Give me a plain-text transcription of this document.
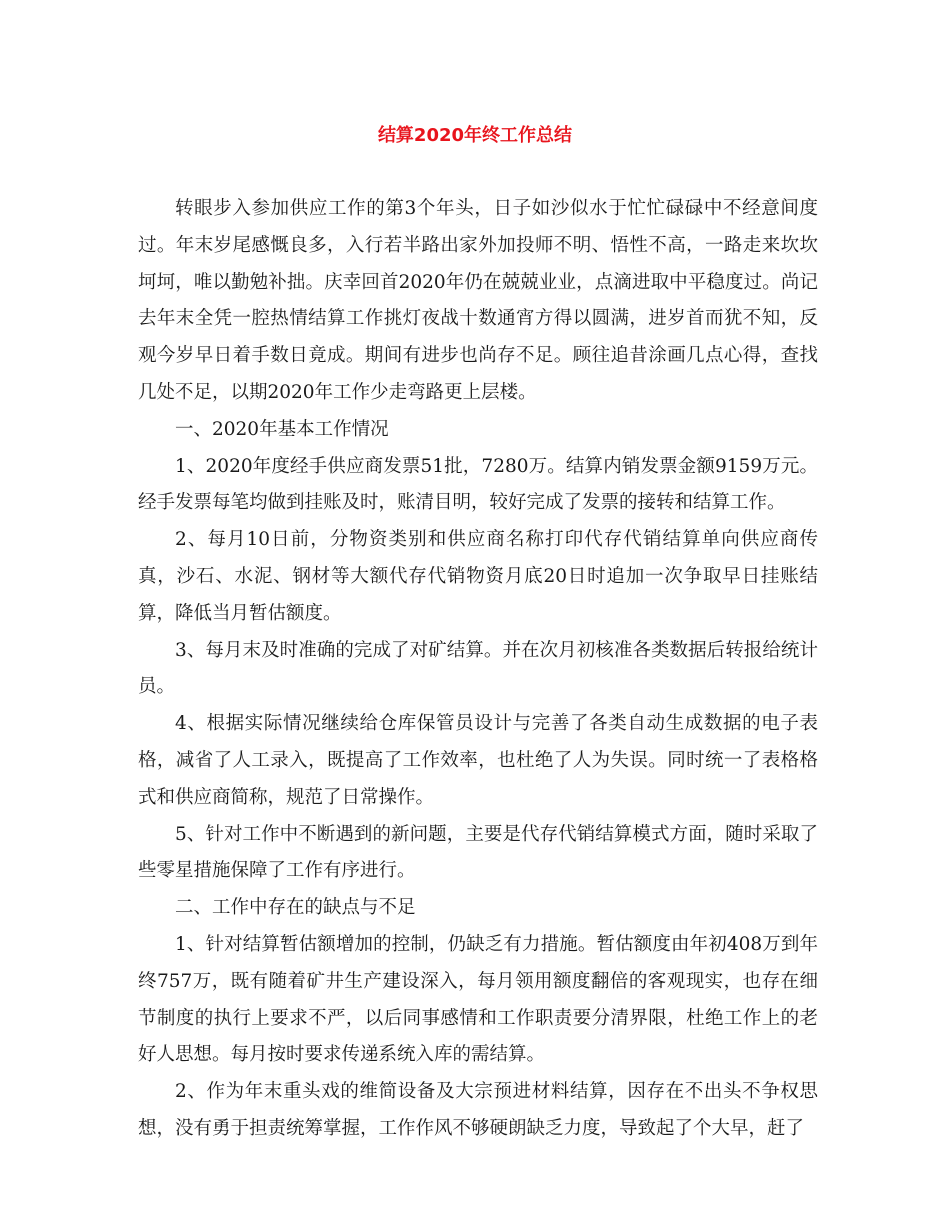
结算2020年终工作总结

转眼步入参加供应工作的第3个年头，日子如沙似水于忙忙碌碌中不经意间度过。年末岁尾感慨良多，入行若半路出家外加投师不明、悟性不高，一路走来坎坎坷坷，唯以勤勉补拙。庆幸回首2020年仍在兢兢业业，点滴进取中平稳度过。尚记去年末全凭一腔热情结算工作挑灯夜战十数通宵方得以圆满，进岁首而犹不知，反观今岁早日着手数日竟成。期间有进步也尚存不足。顾往追昔涂画几点心得，查找几处不足，以期2020年工作少走弯路更上层楼。

一、2020年基本工作情况

1、2020年度经手供应商发票51批，7280万。结算内销发票金额9159万元。经手发票每笔均做到挂账及时，账清目明，较好完成了发票的接转和结算工作。

2、每月10日前，分物资类别和供应商名称打印代存代销结算单向供应商传真，沙石、水泥、钢材等大额代存代销物资月底20日时追加一次争取早日挂账结算，降低当月暂估额度。

3、每月末及时准确的完成了对矿结算。并在次月初核准各类数据后转报给统计员。

4、根据实际情况继续给仓库保管员设计与完善了各类自动生成数据的电子表格，减省了人工录入，既提高了工作效率，也杜绝了人为失误。同时统一了表格格式和供应商简称，规范了日常操作。

5、针对工作中不断遇到的新问题，主要是代存代销结算模式方面，随时采取了些零星措施保障了工作有序进行。

二、工作中存在的缺点与不足

1、针对结算暂估额增加的控制，仍缺乏有力措施。暂估额度由年初408万到年终757万，既有随着矿井生产建设深入，每月领用额度翻倍的客观现实，也存在细节制度的执行上要求不严，以后同事感情和工作职责要分清界限，杜绝工作上的老好人思想。每月按时要求传递系统入库的需结算。

2、作为年末重头戏的维简设备及大宗预进材料结算，因存在不出头不争权思想，没有勇于担责统筹掌握，工作作风不够硬朗缺乏力度，导致起了个大早，赶了
